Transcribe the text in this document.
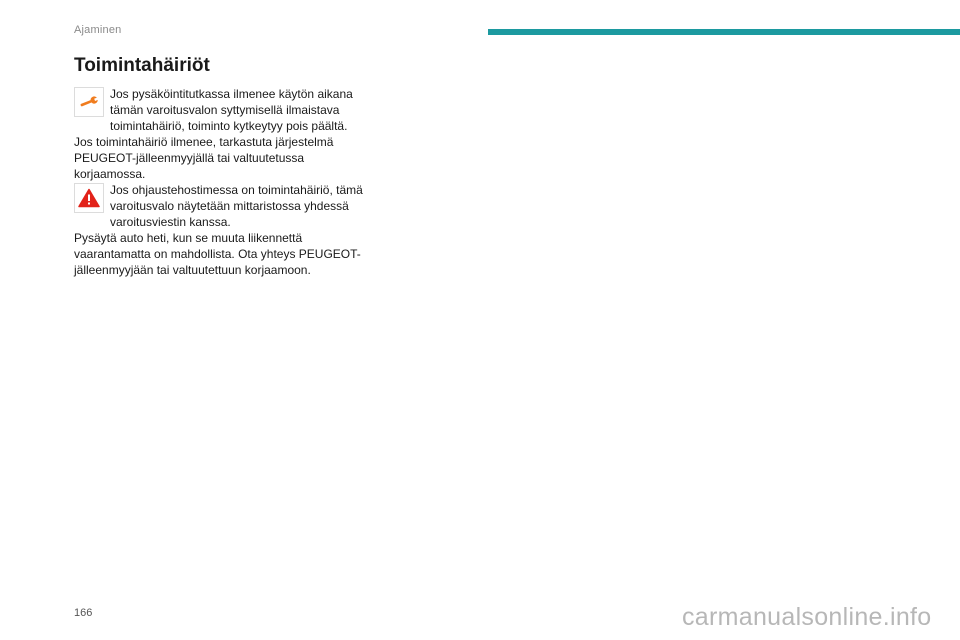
Ajaminen
Toimintahäiriöt

Jos pysäköintitutkassa ilmenee käytön aikana tämän varoitusvalon syttymisellä ilmaistava toimintahäiriö, toiminto kytkeytyy pois päältä.

Jos toimintahäiriö ilmenee, tarkastuta järjestelmä PEUGEOT-jälleenmyyjällä tai valtuutetussa korjaamossa.

Jos ohjaustehostimessa on toimintahäiriö, tämä varoitusvalo näytetään mittaristossa yhdessä varoitusviestin kanssa.

Pysäytä auto heti, kun se muuta liikennettä vaarantamatta on mahdollista. Ota yhteys PEUGEOT-jälleenmyyjään tai valtuutettuun korjaamoon.

166	carmanualsonline.info
